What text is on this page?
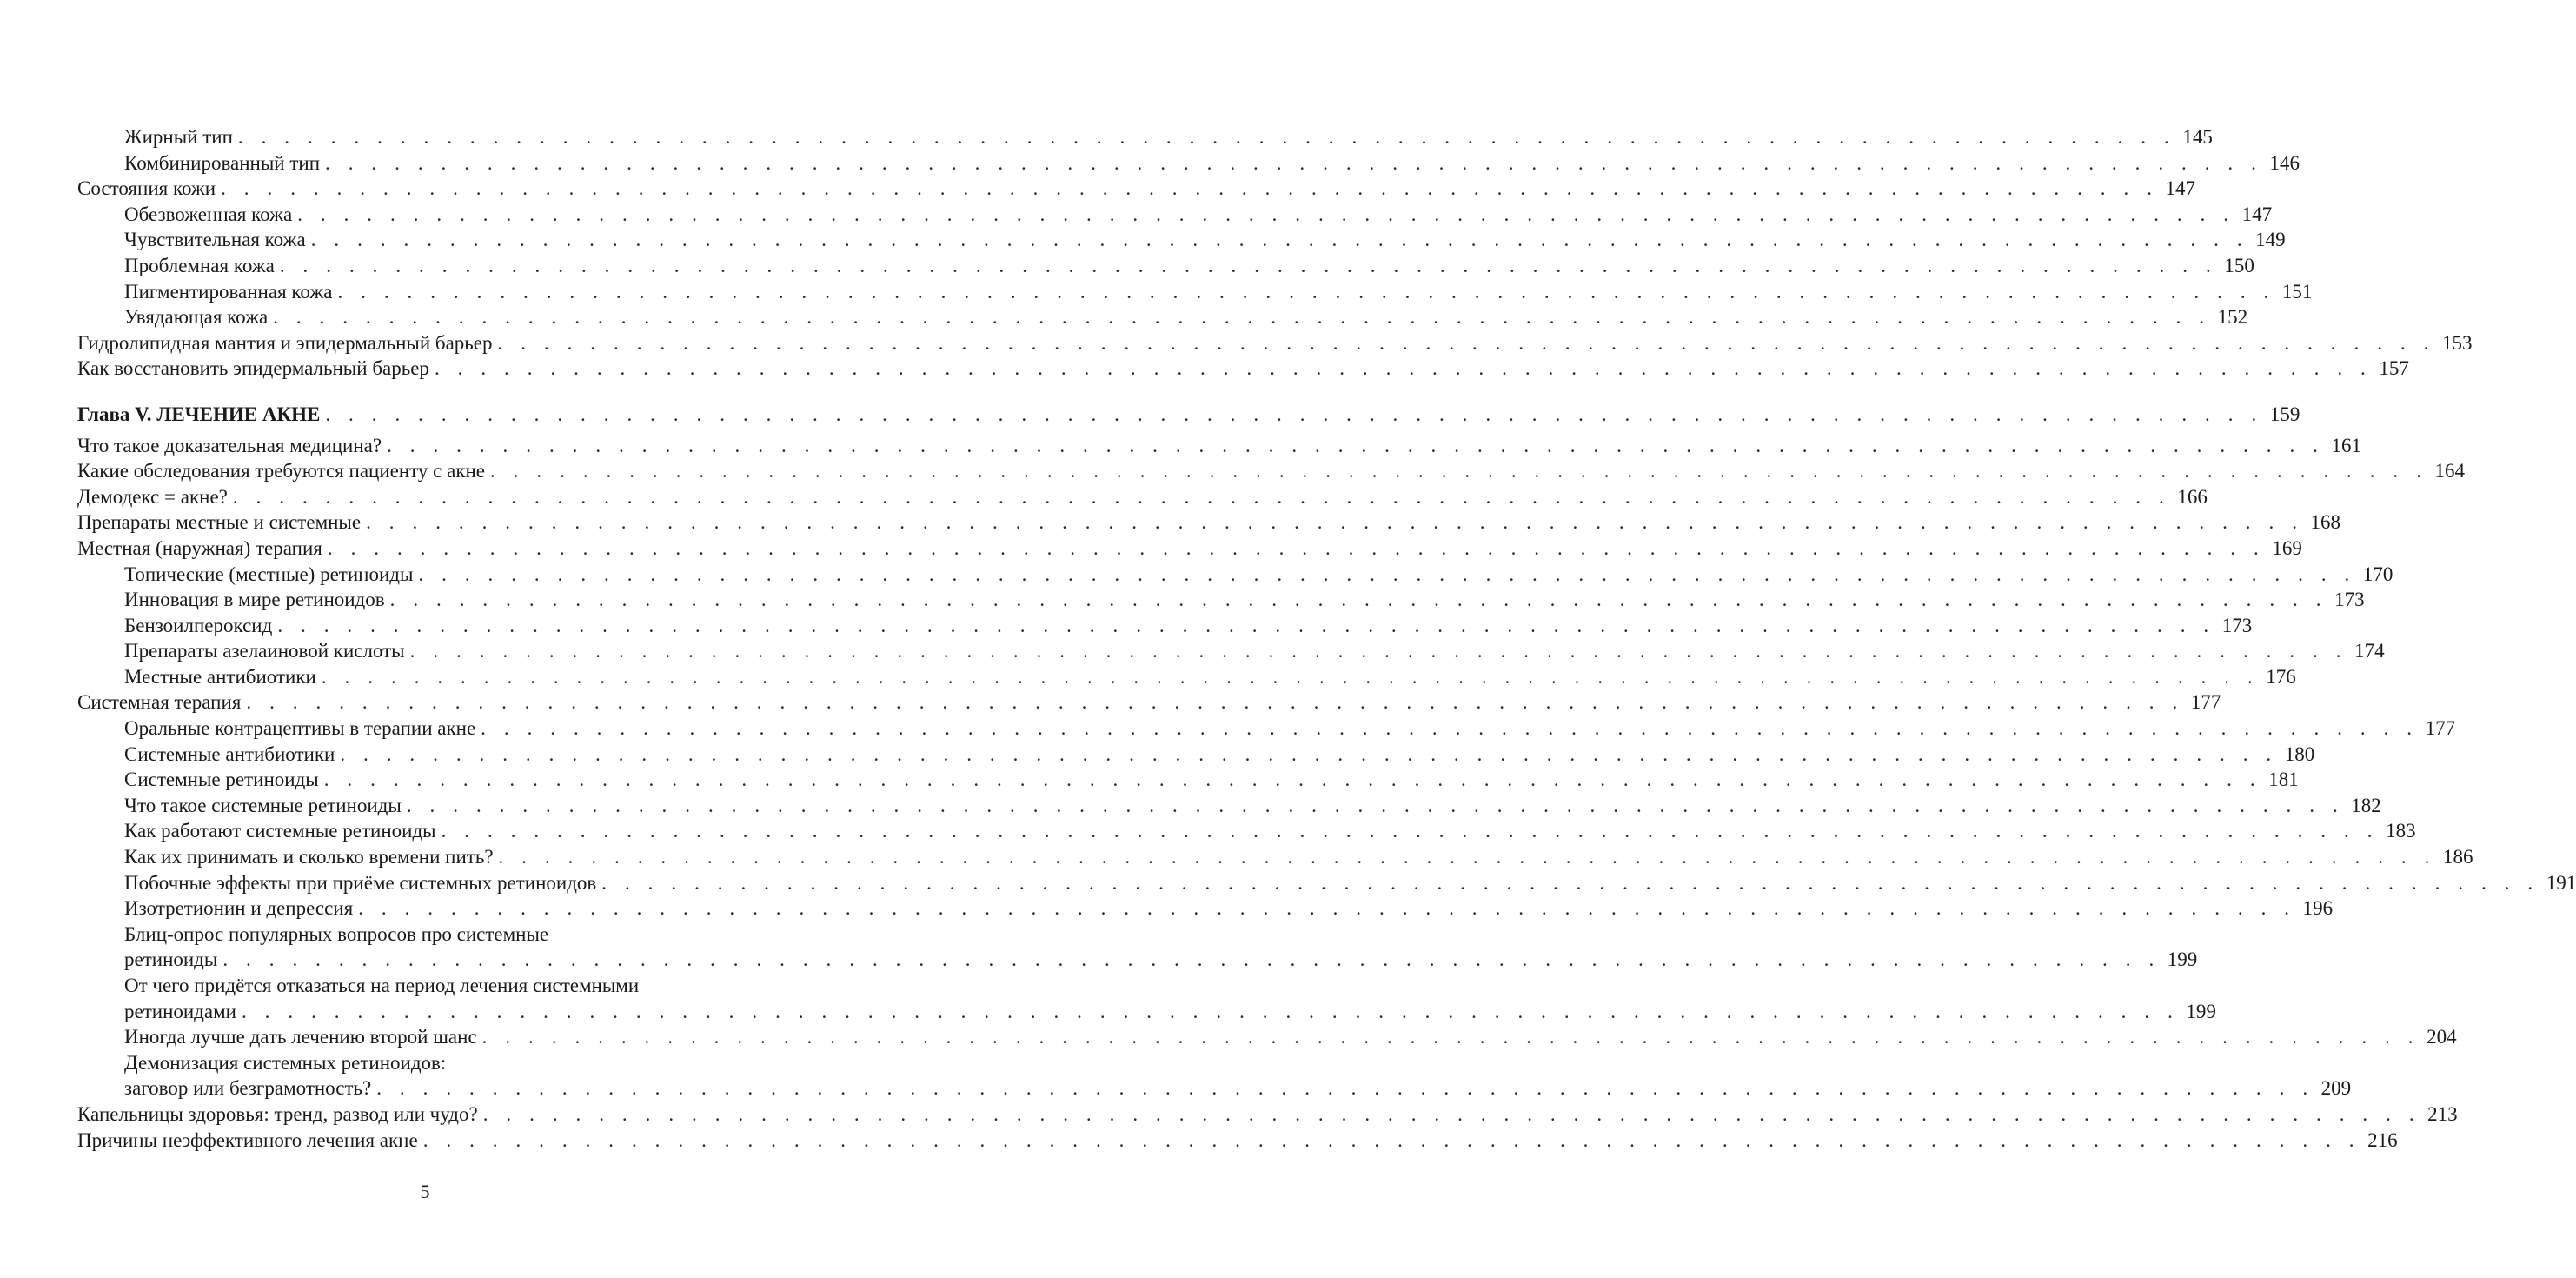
Жирный тип . . . . . . . . . . . . . . . . . . . . . . . . . . . . . . . . . . . . . . . . . . . . . . . . . . . . . . . . . . . . . . . . . . . . . . . . . . . . . . . . . . . . 145
Комбинированный тип . . . . . . . . . . . . . . . . . . . . . . . . . . . . . . . . . . . . . . . . . . . . . . . . . . . . . . . . . . . . . . . . . . . . . . . . . . . . . . . . . . . . 146
Состояния кожи . . . . . . . . . . . . . . . . . . . . . . . . . . . . . . . . . . . . . . . . . . . . . . . . . . . . . . . . . . . . . . . . . . . . . . . . . . . . . . . . . . . . 147
Обезвоженная кожа . . . . . . . . . . . . . . . . . . . . . . . . . . . . . . . . . . . . . . . . . . . . . . . . . . . . . . . . . . . . . . . . . . . . . . . . . . . . . . . . . . . . 147
Чувствительная кожа . . . . . . . . . . . . . . . . . . . . . . . . . . . . . . . . . . . . . . . . . . . . . . . . . . . . . . . . . . . . . . . . . . . . . . . . . . . . . . . . . . . . 149
Проблемная кожа . . . . . . . . . . . . . . . . . . . . . . . . . . . . . . . . . . . . . . . . . . . . . . . . . . . . . . . . . . . . . . . . . . . . . . . . . . . . . . . . . . . . 150
Пигментированная кожа . . . . . . . . . . . . . . . . . . . . . . . . . . . . . . . . . . . . . . . . . . . . . . . . . . . . . . . . . . . . . . . . . . . . . . . . . . . . . . . . . . . . 151
Увядающая кожа . . . . . . . . . . . . . . . . . . . . . . . . . . . . . . . . . . . . . . . . . . . . . . . . . . . . . . . . . . . . . . . . . . . . . . . . . . . . . . . . . . . . 152
Гидролипидная мантия и эпидермальный барьер . . . . . . . . . . . . . . . . . . . . . . . . . . . . . . . . . . . . . . . . . . . . . . . . . . . . . . . . . . . . . . . . . . . . . . . . . . . . . . . . . . . . 153
Как восстановить эпидермальный барьер . . . . . . . . . . . . . . . . . . . . . . . . . . . . . . . . . . . . . . . . . . . . . . . . . . . . . . . . . . . . . . . . . . . . . . . . . . . . . . . . . . . . 157
Глава V. ЛЕЧЕНИЕ АКНЕ . . . . . . . . . . . . . . . . . . . . . . . . . . . . . . . . . . . . . . . . . . . . . . . . . . . . . . . . . . . . . . . . . . . . . . . . . . . . . . . . . . . . 159
Что такое доказательная медицина? . . . . . . . . . . . . . . . . . . . . . . . . . . . . . . . . . . . . . . . . . . . . . . . . . . . . . . . . . . . . . . . . . . . . . . . . . . . . . . . . . . . . 161
Какие обследования требуются пациенту с акне . . . . . . . . . . . . . . . . . . . . . . . . . . . . . . . . . . . . . . . . . . . . . . . . . . . . . . . . . . . . . . . . . . . . . . . . . . . . . . . . . . . . 164
Демодекс = акне? . . . . . . . . . . . . . . . . . . . . . . . . . . . . . . . . . . . . . . . . . . . . . . . . . . . . . . . . . . . . . . . . . . . . . . . . . . . . . . . . . . . . 166
Препараты местные и системные . . . . . . . . . . . . . . . . . . . . . . . . . . . . . . . . . . . . . . . . . . . . . . . . . . . . . . . . . . . . . . . . . . . . . . . . . . . . . . . . . . . . 168
Местная (наружная) терапия . . . . . . . . . . . . . . . . . . . . . . . . . . . . . . . . . . . . . . . . . . . . . . . . . . . . . . . . . . . . . . . . . . . . . . . . . . . . . . . . . . . . 169
Топические (местные) ретиноиды . . . . . . . . . . . . . . . . . . . . . . . . . . . . . . . . . . . . . . . . . . . . . . . . . . . . . . . . . . . . . . . . . . . . . . . . . . . . . . . . . . . . 170
Инновация в мире ретиноидов . . . . . . . . . . . . . . . . . . . . . . . . . . . . . . . . . . . . . . . . . . . . . . . . . . . . . . . . . . . . . . . . . . . . . . . . . . . . . . . . . . . . 173
Бензоилпероксид . . . . . . . . . . . . . . . . . . . . . . . . . . . . . . . . . . . . . . . . . . . . . . . . . . . . . . . . . . . . . . . . . . . . . . . . . . . . . . . . . . . . 173
Препараты азелаиновой кислоты . . . . . . . . . . . . . . . . . . . . . . . . . . . . . . . . . . . . . . . . . . . . . . . . . . . . . . . . . . . . . . . . . . . . . . . . . . . . . . . . . . . . 174
Местные антибиотики . . . . . . . . . . . . . . . . . . . . . . . . . . . . . . . . . . . . . . . . . . . . . . . . . . . . . . . . . . . . . . . . . . . . . . . . . . . . . . . . . . . . 176
Системная терапия . . . . . . . . . . . . . . . . . . . . . . . . . . . . . . . . . . . . . . . . . . . . . . . . . . . . . . . . . . . . . . . . . . . . . . . . . . . . . . . . . . . . 177
Оральные контрацептивы в терапии акне . . . . . . . . . . . . . . . . . . . . . . . . . . . . . . . . . . . . . . . . . . . . . . . . . . . . . . . . . . . . . . . . . . . . . . . . . . . . . . . . . . . . 177
Системные антибиотики . . . . . . . . . . . . . . . . . . . . . . . . . . . . . . . . . . . . . . . . . . . . . . . . . . . . . . . . . . . . . . . . . . . . . . . . . . . . . . . . . . . . 180
Системные ретиноиды . . . . . . . . . . . . . . . . . . . . . . . . . . . . . . . . . . . . . . . . . . . . . . . . . . . . . . . . . . . . . . . . . . . . . . . . . . . . . . . . . . . . 181
Что такое системные ретиноиды . . . . . . . . . . . . . . . . . . . . . . . . . . . . . . . . . . . . . . . . . . . . . . . . . . . . . . . . . . . . . . . . . . . . . . . . . . . . . . . . . . . . 182
Как работают системные ретиноиды . . . . . . . . . . . . . . . . . . . . . . . . . . . . . . . . . . . . . . . . . . . . . . . . . . . . . . . . . . . . . . . . . . . . . . . . . . . . . . . . . . . . 183
Как их принимать и сколько времени пить? . . . . . . . . . . . . . . . . . . . . . . . . . . . . . . . . . . . . . . . . . . . . . . . . . . . . . . . . . . . . . . . . . . . . . . . . . . . . . . . . . . . . 186
Побочные эффекты при приёме системных ретиноидов . . . . . . . . . . . . . . . . . . . . . . . . . . . . . . . . . . . . . . . . . . . . . . . . . . . . . . . . . . . . . . . . . . . . . . . . . . . . . . . . . . . . 191
Изотретионин и депрессия . . . . . . . . . . . . . . . . . . . . . . . . . . . . . . . . . . . . . . . . . . . . . . . . . . . . . . . . . . . . . . . . . . . . . . . . . . . . . . . . . . . . 196
Блиц-опрос популярных вопросов про системные
ретиноиды . . . . . . . . . . . . . . . . . . . . . . . . . . . . . . . . . . . . . . . . . . . . . . . . . . . . . . . . . . . . . . . . . . . . . . . . . . . . . . . . . . . . 199
От чего придётся отказаться на период лечения системными
ретиноидами . . . . . . . . . . . . . . . . . . . . . . . . . . . . . . . . . . . . . . . . . . . . . . . . . . . . . . . . . . . . . . . . . . . . . . . . . . . . . . . . . . . . 199
Иногда лучше дать лечению второй шанс . . . . . . . . . . . . . . . . . . . . . . . . . . . . . . . . . . . . . . . . . . . . . . . . . . . . . . . . . . . . . . . . . . . . . . . . . . . . . . . . . . . . 204
Демонизация системных ретиноидов:
заговор или безграмотность? . . . . . . . . . . . . . . . . . . . . . . . . . . . . . . . . . . . . . . . . . . . . . . . . . . . . . . . . . . . . . . . . . . . . . . . . . . . . . . . . . . . . 209
Капельницы здоровья: тренд, развод или чудо? . . . . . . . . . . . . . . . . . . . . . . . . . . . . . . . . . . . . . . . . . . . . . . . . . . . . . . . . . . . . . . . . . . . . . . . . . . . . . . . . . . . . 213
Причины неэффективного лечения акне . . . . . . . . . . . . . . . . . . . . . . . . . . . . . . . . . . . . . . . . . . . . . . . . . . . . . . . . . . . . . . . . . . . . . . . . . . . . . . . . . . . . 216
5
